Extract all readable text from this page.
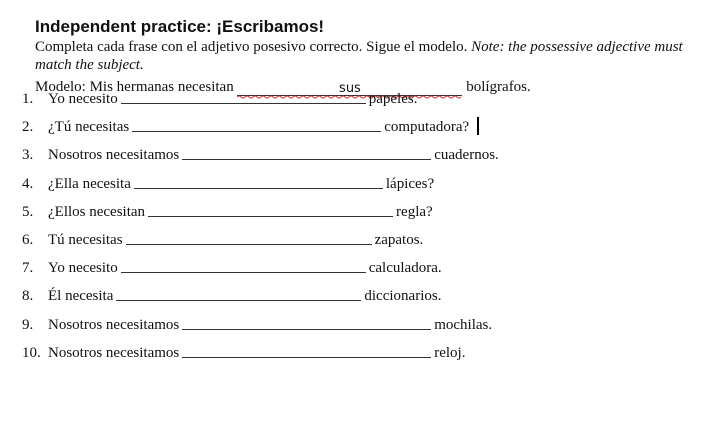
Independent practice: ¡Escribamos!

Completa cada frase con el adjetivo posesivo correcto. Sigue el modelo. Note: the possessive adjective must match the subject.

Modelo: Mis hermanas necesitan	sus	bolígrafos.
1. Yo necesito	papeles.
2. ¿Tú necesitas	computadora?
3. Nosotros necesitamos	cuadernos.
4. ¿Ella necesita	lápices?
5. ¿Ellos necesitan	regla?
6. Tú necesitas	zapatos.
7. Yo necesito	calculadora.
8. Él necesita	diccionarios.
9. Nosotros necesitamos	mochilas.
10. Nosotros necesitamos	reloj.
